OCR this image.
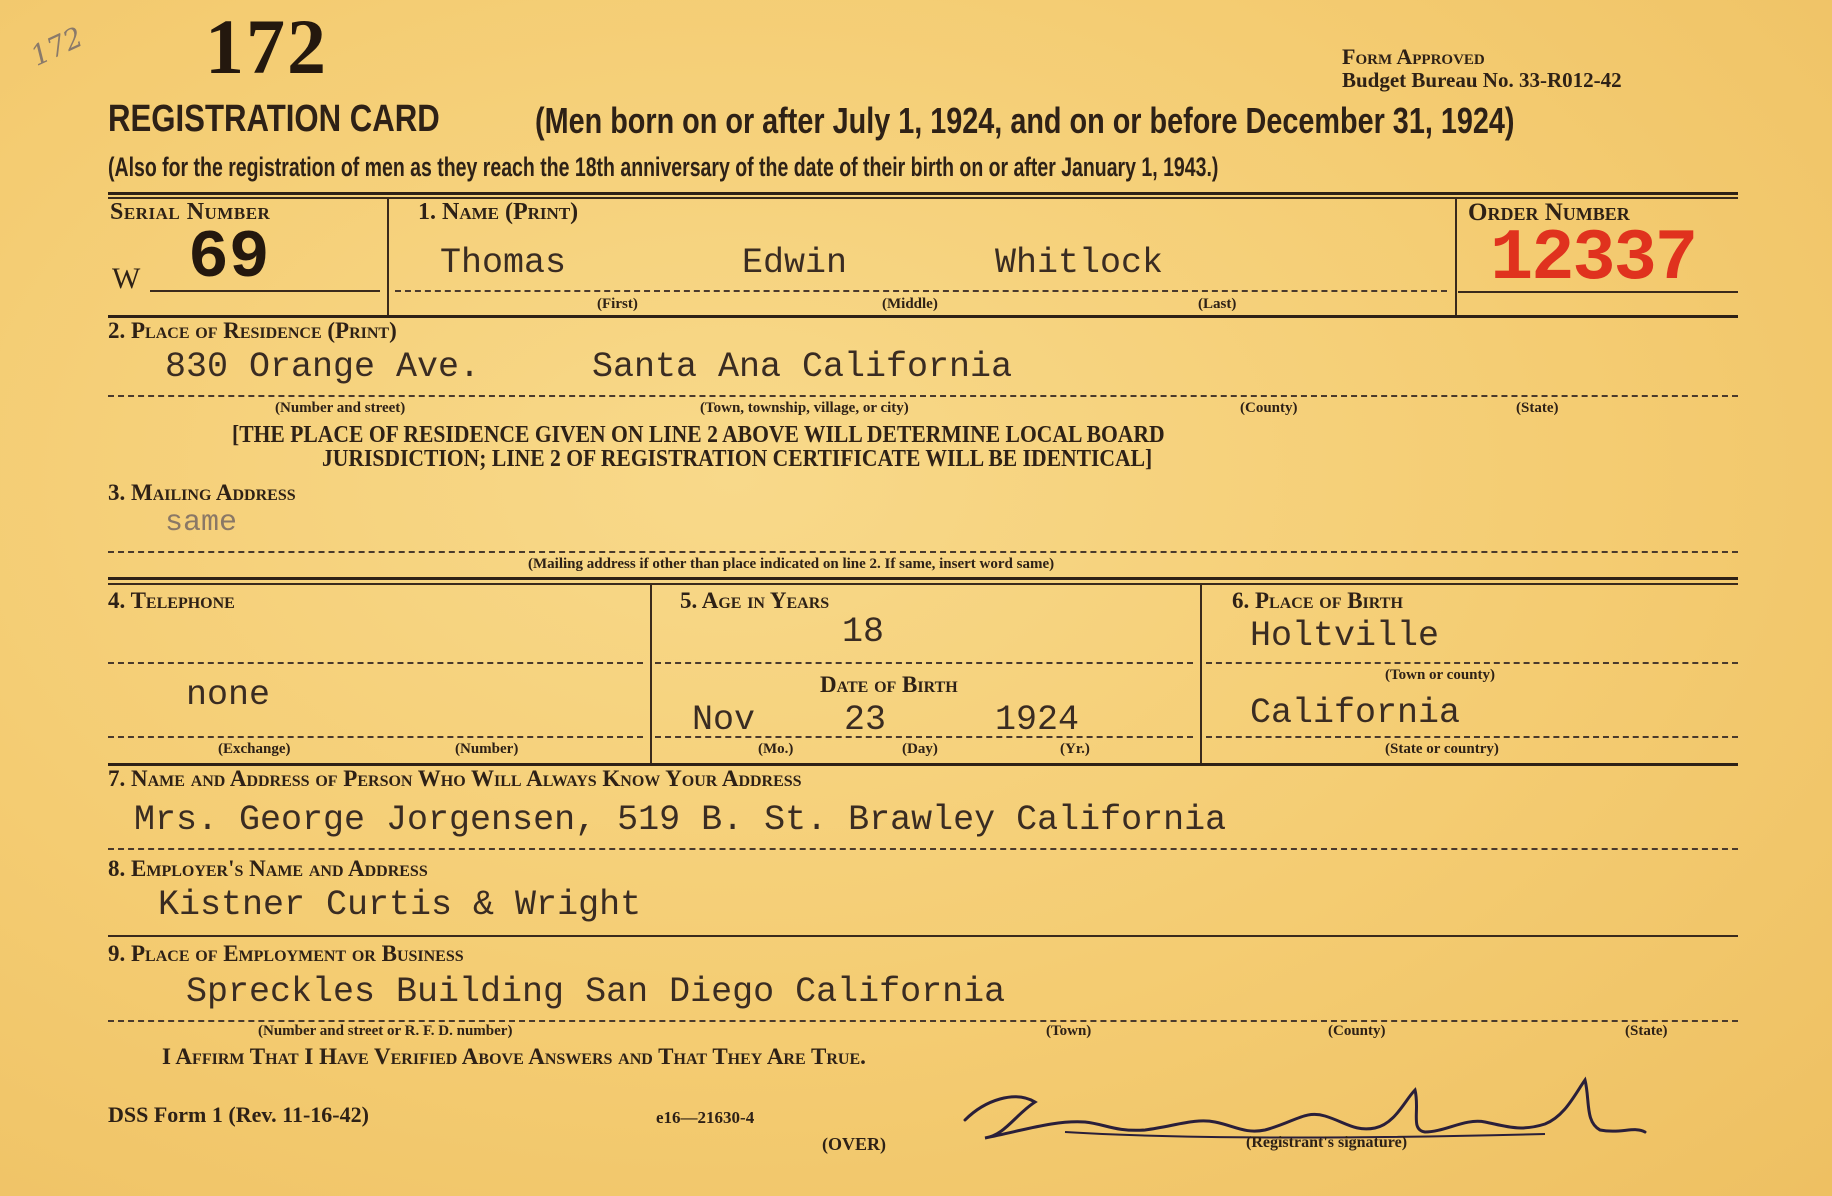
172 172	Form Approved
Budget Bureau No. 33-R012-42
REGISTRATION CARD	(Men born on or after July 1, 1924, and on or before December 31, 1924)
(Also for the registration of men as they reach the 18th anniversary of the date of their birth on or after January 1, 1943.)
Serial Number
W 69
1. Name (Print)
Thomas	Edwin	Whitlock
(First)	(Middle)	(Last)
Order Number
12337
2. Place of Residence (Print)
830 Orange Ave.	Santa Ana California
(Number and street)	(Town, township, village, or city)	(County)	(State)
[THE PLACE OF RESIDENCE GIVEN ON LINE 2 ABOVE WILL DETERMINE LOCAL BOARD
JURISDICTION; LINE 2 OF REGISTRATION CERTIFICATE WILL BE IDENTICAL]
3. Mailing Address
same
(Mailing address if other than place indicated on line 2. If same, insert word same)
4. Telephone
none
(Exchange)	(Number)
5. Age in Years
18
Date of Birth
Nov	23	1924
(Mo.)	(Day)	(Yr.)
6. Place of Birth
Holtville
(Town or county)
California
(State or country)
7. Name and Address of Person Who Will Always Know Your Address
Mrs. George Jorgensen, 519 B. St. Brawley California
8. Employer's Name and Address
Kistner Curtis & Wright
9. Place of Employment or Business
Spreckles Building San Diego California
(Number and street or R. F. D. number)	(Town)	(County)	(State)
I Affirm That I Have Verified Above Answers and That They Are True.
DSS Form 1 (Rev. 11-16-42)	e16—21630-4
(OVER)	(Registrant's signature)
